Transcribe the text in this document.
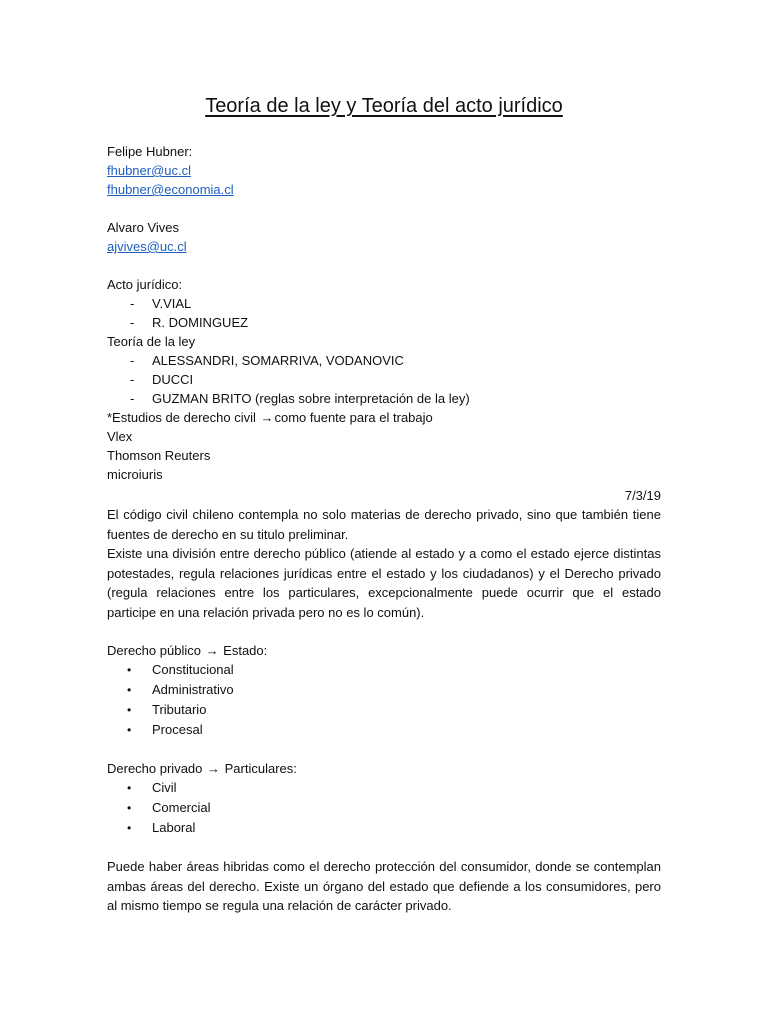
Teoría de la ley y Teoría del acto jurídico
Felipe Hubner:
fhubner@uc.cl
fhubner@economia.cl
Alvaro Vives
ajvives@uc.cl
Acto jurídico:
- V.VIAL
- R. DOMINGUEZ
Teoría de la ley
- ALESSANDRI, SOMARRIVA, VODANOVIC
- DUCCI
- GUZMAN BRITO (reglas sobre interpretación de la ley)
*Estudios de derecho civil →como fuente para el trabajo
Vlex
Thomson Reuters
microiuris
7/3/19

El código civil chileno contempla no solo materias de derecho privado, sino que también tiene fuentes de derecho en su titulo preliminar.

Existe una división entre derecho público (atiende al estado y a como el estado ejerce distintas potestades, regula relaciones jurídicas entre el estado y los ciudadanos) y el Derecho privado (regula relaciones entre los particulares, excepcionalmente puede ocurrir que el estado participe en una relación privada pero no es lo común).

Derecho público → Estado:
• Constitucional
• Administrativo
• Tributario
• Procesal
Derecho privado → Particulares:
• Civil
• Comercial
• Laboral

Puede haber áreas hibridas como el derecho protección del consumidor, donde se contemplan ambas áreas del derecho. Existe un órgano del estado que defiende a los consumidores, pero al mismo tiempo se regula una relación de carácter privado.
